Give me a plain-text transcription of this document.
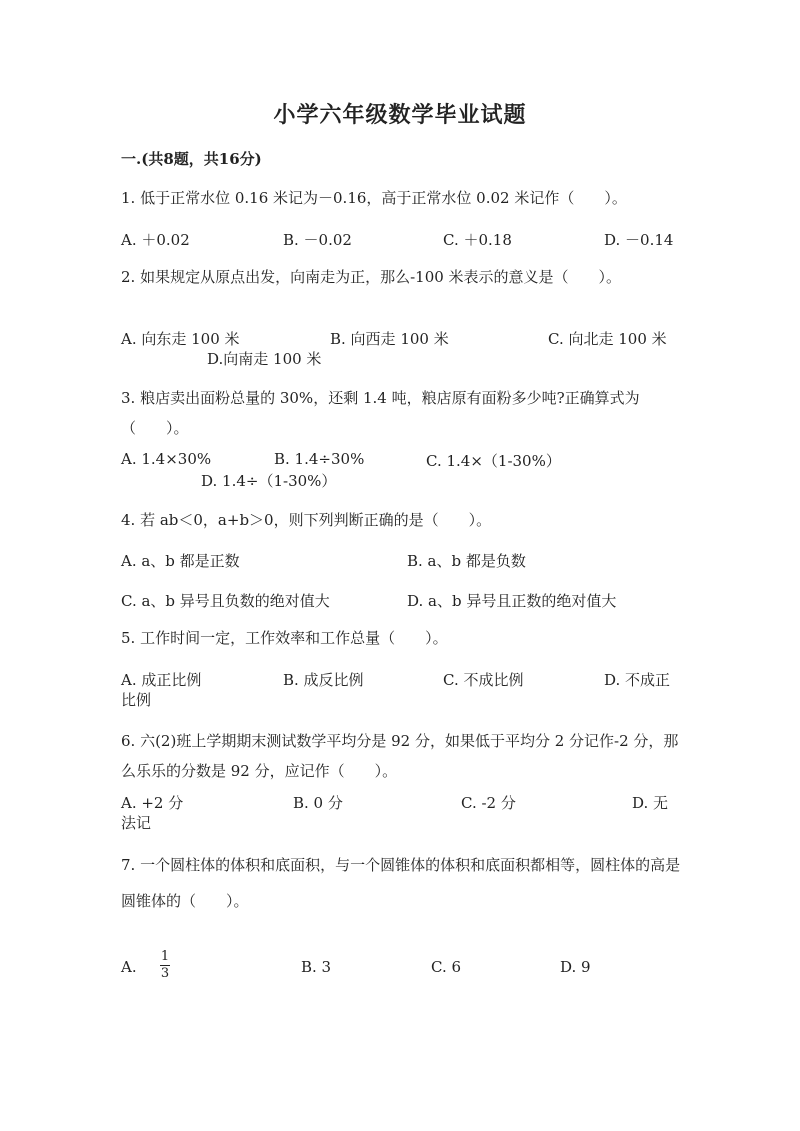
小学六年级数学毕业试题
一.(共8题，共16分)
1. 低于正常水位 0.16 米记为－0.16，高于正常水位 0.02 米记作（　　）。
A. ＋0.02	B. －0.02	C. ＋0.18	D. －0.14
2. 如果规定从原点出发，向南走为正，那么-100 米表示的意义是（　　）。
A. 向东走 100 米	B. 向西走 100 米	C. 向北走 100 米
D.向南走 100 米
3. 粮店卖出面粉总量的 30%，还剩 1.4 吨，粮店原有面粉多少吨?正确算式为（　　）。
A. 1.4×30%	B. 1.4÷30%	C. 1.4×（1-30%）
D. 1.4÷（1-30%）
4. 若 ab＜0，a+b＞0，则下列判断正确的是（　　）。
A. a、b 都是正数	B. a、b 都是负数
C. a、b 异号且负数的绝对值大	D. a、b 异号且正数的绝对值大
5. 工作时间一定，工作效率和工作总量（　　）。
A. 成正比例	B. 成反比例	C. 不成比例	D. 不成正
比例
6. 六(2)班上学期期末测试数学平均分是 92 分，如果低于平均分 2 分记作-2 分，那么乐乐的分数是 92 分，应记作（　　）。
A. +2 分	B. 0 分	C. -2 分	D. 无
法记
7. 一个圆柱体的体积和底面积，与一个圆锥体的体积和底面积都相等，圆柱体的高是圆锥体的（　　）。
A.
1
3	B. 3	C. 6	D. 9
